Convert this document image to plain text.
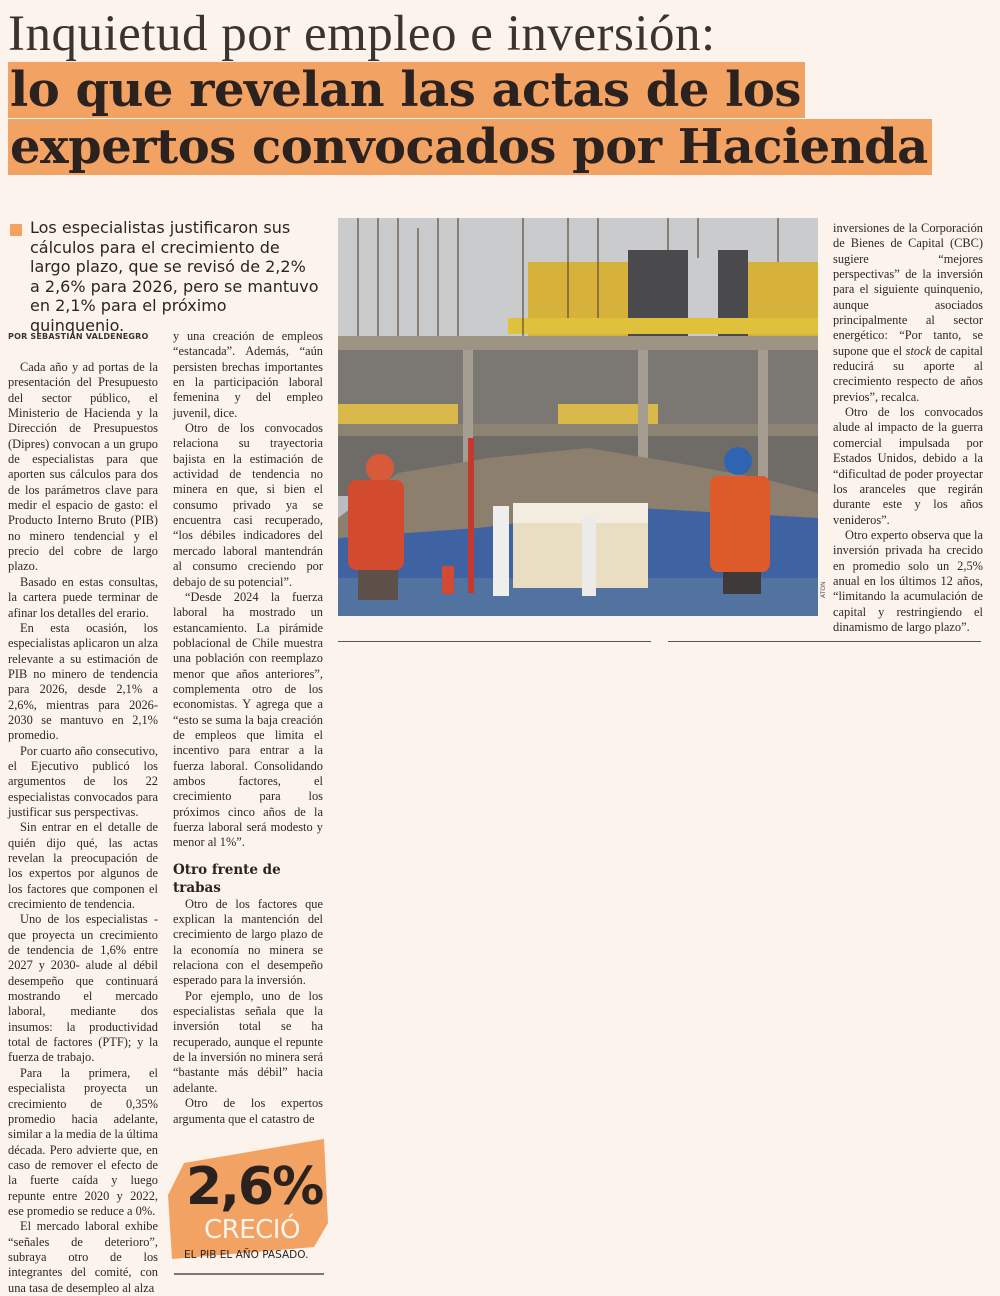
Inquietud por empleo e inversión:
lo que revelan las actas de los
expertos convocados por Hacienda

Los especialistas justificaron sus cálculos para el crecimiento de largo plazo, que se revisó de 2,2% a 2,6% para 2026, pero se mantuvo en 2,1% para el próximo quinquenio.

POR SEBASTIÁN VALDENEGRO

Cada año y ad portas de la presentación del Presupuesto del sector público, el Ministerio de Hacienda y la Dirección de Presupuestos (Dipres) convocan a un grupo de especialistas para que aporten sus cálculos para dos de los parámetros clave para medir el espacio de gasto: el Producto Interno Bruto (PIB) no minero tendencial y el precio del cobre de largo plazo.

Basado en estas consultas, la cartera puede terminar de afinar los detalles del erario.

En esta ocasión, los especialistas aplicaron un alza relevante a su estimación de PIB no minero de tendencia para 2026, desde 2,1% a 2,6%, mientras para 2026-2030 se mantuvo en 2,1% promedio.

Por cuarto año consecutivo, el Ejecutivo publicó los argumentos de los 22 especialistas convocados para justificar sus perspectivas.

Sin entrar en el detalle de quién dijo qué, las actas revelan la preocupación de los expertos por algunos de los factores que componen el crecimiento de tendencia.

Uno de los especialistas -que proyecta un crecimiento de tendencia de 1,6% entre 2027 y 2030- alude al débil desempeño que continuará mostrando el mercado laboral, mediante dos insumos: la productividad total de factores (PTF); y la fuerza de trabajo.

Para la primera, el especialista proyecta un crecimiento de 0,35% promedio hacia adelante, similar a la media de la última década. Pero advierte que, en caso de remover el efecto de la fuerte caída y luego repunte entre 2020 y 2022, ese promedio se reduce a 0%.

El mercado laboral exhibe “señales de deterioro”, subraya otro de los integrantes del comité, con una tasa de desempleo al alza

y una creación de empleos “estancada”. Además, “aún persisten brechas importantes en la participación laboral femenina y del empleo juvenil, dice.

Otro de los convocados relaciona su trayectoria bajista en la estimación de actividad de tendencia no minera en que, si bien el consumo privado ya se encuentra casi recuperado, “los débiles indicadores del mercado laboral mantendrán al consumo creciendo por debajo de su potencial”.

“Desde 2024 la fuerza laboral ha mostrado un estancamiento. La pirámide poblacional de Chile muestra una población con reemplazo menor que años anteriores”, complementa otro de los economistas. Y agrega que a “esto se suma la baja creación de empleos que limita el incentivo para entrar a la fuerza laboral. Consolidando ambos factores, el crecimiento para los próximos cinco años de la fuerza laboral será modesto y menor al 1%”.

Otro frente de trabas

Otro de los factores que explican la mantención del crecimiento de largo plazo de la economía no minera se relaciona con el desempeño esperado para la inversión.

Por ejemplo, uno de los especialistas señala que la inversión total se ha recuperado, aunque el repunte de la inversión no minera será “bastante más débil” hacia adelante.

Otro de los expertos argumenta que el catastro de

ATON

inversiones de la Corporación de Bienes de Capital (CBC) sugiere “mejores perspectivas” de la inversión para el siguiente quinquenio, aunque asociados principalmente al sector energético: “Por tanto, se supone que el stock de capital reducirá su aporte al crecimiento respecto de años previos”, recalca.

Otro de los convocados alude al impacto de la guerra comercial impulsada por Estados Unidos, debido a la “dificultad de poder proyectar los aranceles que regirán durante este y los años venideros”.

Otro experto observa que la inversión privada ha crecido en promedio solo un 2,5% anual en los últimos 12 años, “limitando la acumulación de capital y restringiendo el dinamismo de largo plazo”.

2,6%
CRECIÓ
EL PIB EL AÑO PASADO.
